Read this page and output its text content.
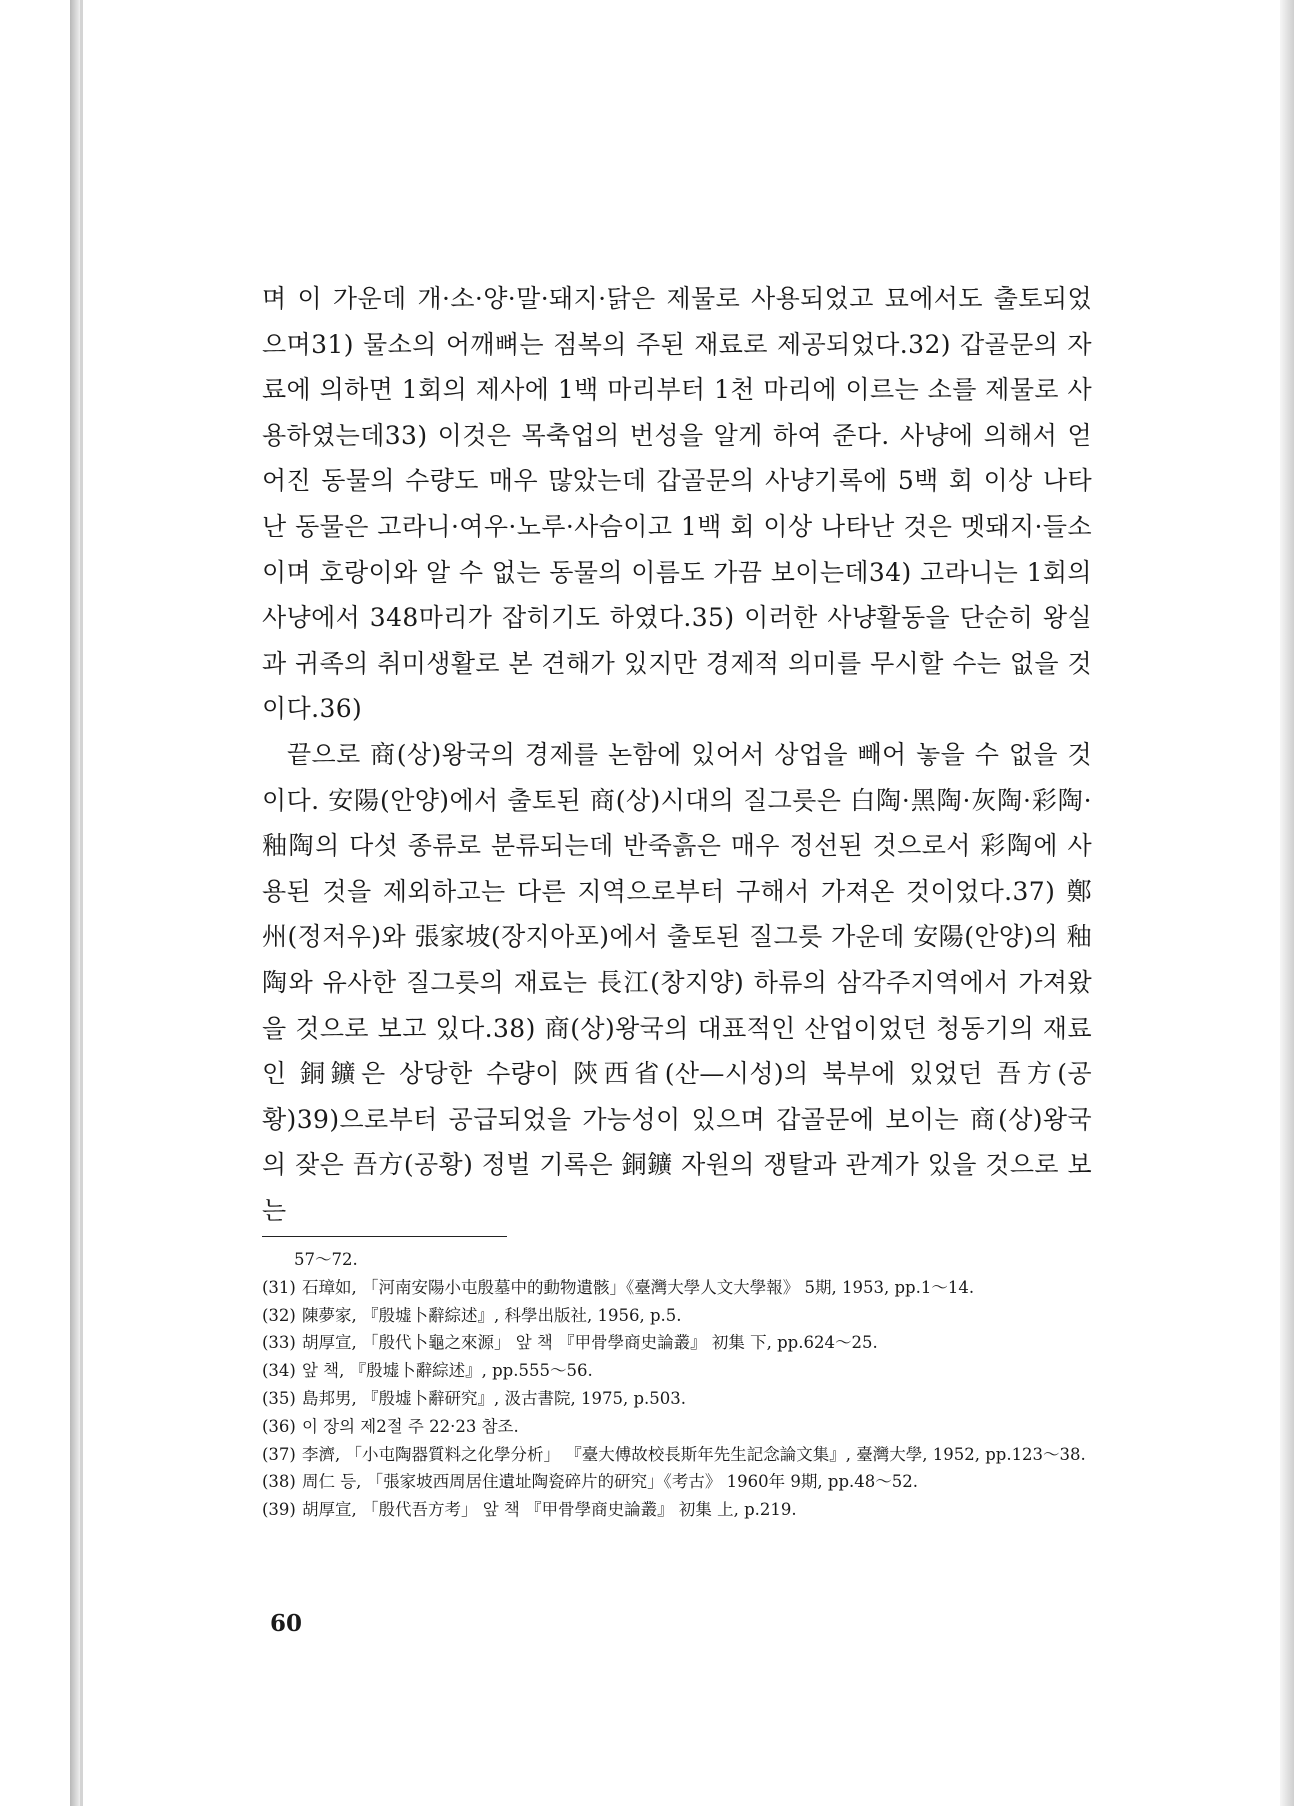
며 이 가운데 개·소·양·말·돼지·닭은 제물로 사용되었고 묘에서도 출토되었으며31) 물소의 어깨뼈는 점복의 주된 재료로 제공되었다.32) 갑골문의 자료에 의하면 1회의 제사에 1백 마리부터 1천 마리에 이르는 소를 제물로 사용하였는데33) 이것은 목축업의 번성을 알게 하여 준다. 사냥에 의해서 얻어진 동물의 수량도 매우 많았는데 갑골문의 사냥기록에 5백 회 이상 나타난 동물은 고라니·여우·노루·사슴이고 1백 회 이상 나타난 것은 멧돼지·들소이며 호랑이와 알 수 없는 동물의 이름도 가끔 보이는데34) 고라니는 1회의 사냥에서 348마리가 잡히기도 하였다.35) 이러한 사냥활동을 단순히 왕실과 귀족의 취미생활로 본 견해가 있지만 경제적 의미를 무시할 수는 없을 것이다.36)

끝으로 商(상)왕국의 경제를 논함에 있어서 상업을 빼어 놓을 수 없을 것이다. 安陽(안양)에서 출토된 商(상)시대의 질그릇은 白陶·黑陶·灰陶·彩陶·釉陶의 다섯 종류로 분류되는데 반죽흙은 매우 정선된 것으로서 彩陶에 사용된 것을 제외하고는 다른 지역으로부터 구해서 가져온 것이었다.37) 鄭州(정저우)와 張家坡(장지아포)에서 출토된 질그릇 가운데 安陽(안양)의 釉陶와 유사한 질그릇의 재료는 長江(창지양) 하류의 삼각주지역에서 가져왔을 것으로 보고 있다.38) 商(상)왕국의 대표적인 산업이었던 청동기의 재료인 銅鑛은 상당한 수량이 陝西省(산—시성)의 북부에 있었던 吾方(공황)39)으로부터 공급되었을 가능성이 있으며 갑골문에 보이는 商(상)왕국의 잦은 吾方(공황) 정벌 기록은 銅鑛 자원의 쟁탈과 관계가 있을 것으로 보는

57～72.
(31) 石璋如, 「河南安陽小屯殷墓中的動物遺骸」《臺灣大學人文大學報》 5期, 1953, pp.1～14.
(32) 陳夢家, 『殷墟卜辭綜述』, 科學出版社, 1956, p.5.
(33) 胡厚宣, 「殷代卜龜之來源」 앞 책 『甲骨學商史論叢』 初集 下, pp.624～25.
(34) 앞 책, 『殷墟卜辭綜述』, pp.555～56.
(35) 島邦男, 『殷墟卜辭研究』, 汲古書院, 1975, p.503.
(36) 이 장의 제2절 주 22·23 참조.
(37) 李濟, 「小屯陶器質料之化學分析」 『臺大傅故校長斯年先生記念論文集』, 臺灣大學, 1952, pp.123～38.
(38) 周仁 등, 「張家坡西周居住遺址陶瓷碎片的研究」《考古》 1960年 9期, pp.48～52.
(39) 胡厚宣, 「殷代吾方考」 앞 책 『甲骨學商史論叢』 初集 上, p.219.
60
